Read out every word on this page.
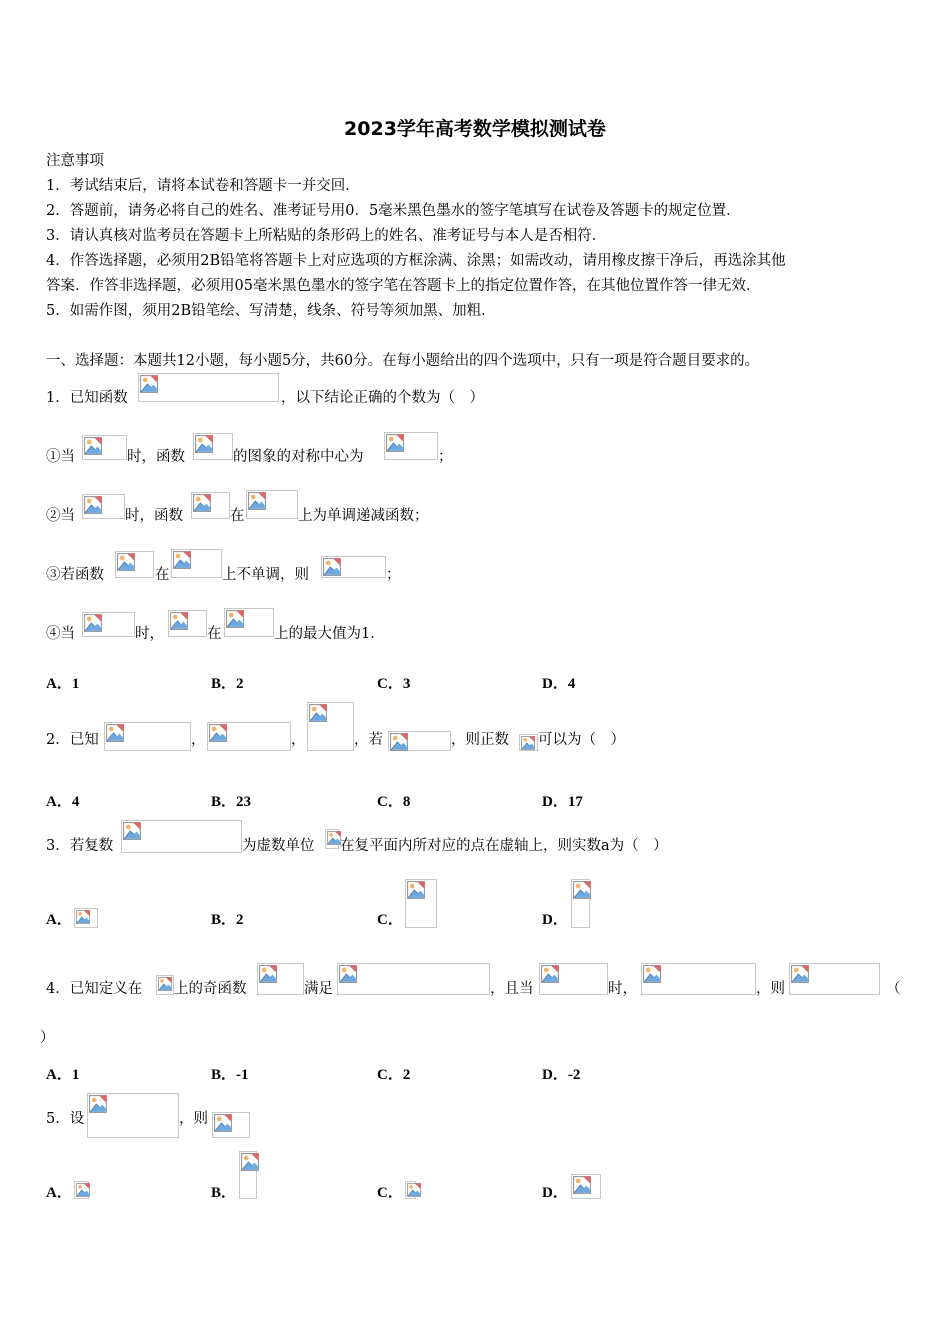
2023学年高考数学模拟测试卷
注意事项
1．考试结束后，请将本试卷和答题卡一并交回．
2．答题前，请务必将自己的姓名、准考证号用0．5毫米黑色墨水的签字笔填写在试卷及答题卡的规定位置．
3．请认真核对监考员在答题卡上所粘贴的条形码上的姓名、准考证号与本人是否相符．
4．作答选择题，必须用2B铅笔将答题卡上对应选项的方框涂满、涂黑；如需改动，请用橡皮擦干净后，再选涂其他
答案．作答非选择题，必须用05毫米黑色墨水的签字笔在答题卡上的指定位置作答，在其他位置作答一律无效．
5．如需作图，须用2B铅笔绘、写清楚，线条、符号等须加黑、加粗．
一、选择题：本题共12小题，每小题5分，共60分。在每小题给出的四个选项中，只有一项是符合题目要求的。
1．已知函数	，以下结论正确的个数为（　）
①当	时，函数	的图象的对称中心为	；
②当	时，函数	在	上为单调递减函数；
③若函数	在	上不单调，则	；
④当	时，	在	上的最大值为1．
A．1	B．2	C．3	D．4
2．已知	，	，	，若	，则正数 可以为（　）
A．4	B．23	C．8	D．17
3．若复数	为虚数单位 在复平面内所对应的点在虚轴上，则实数a为（　）
A．	B．2	C．	D．
4．已知定义在 上的奇函数	满足	，且当	时，	，则	（
）
A．1	B．-1	C．2	D．-2
5．设	，则
A．	B．	C．	D．
